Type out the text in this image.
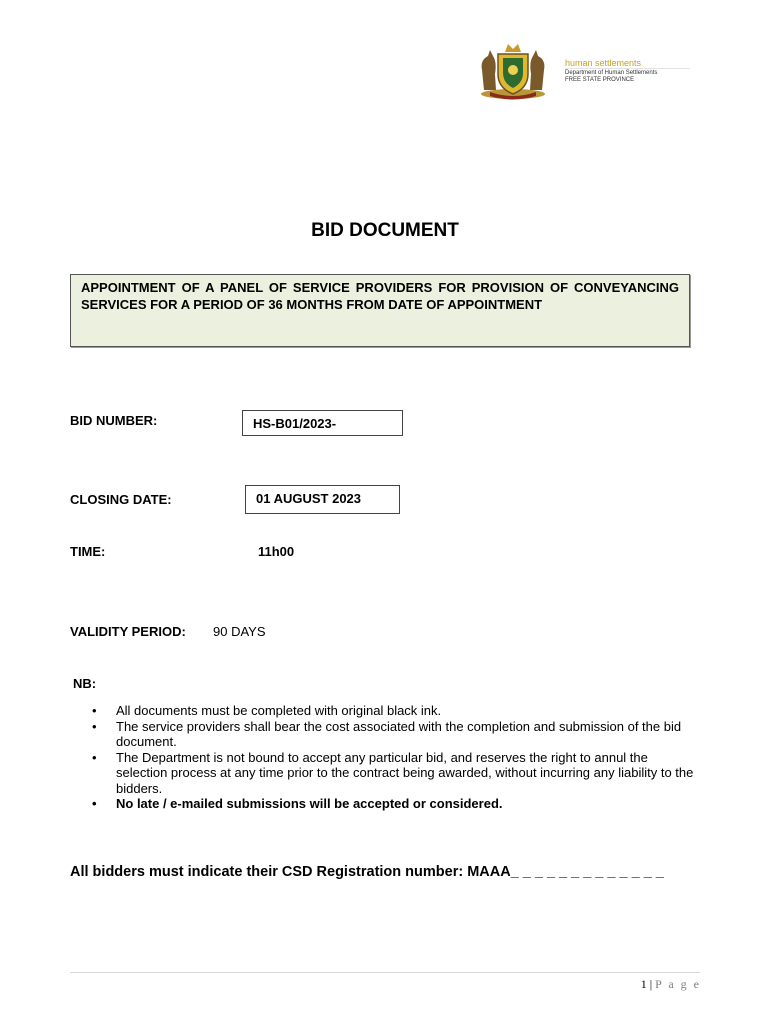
human settlements
Department of Human Settlements
FREE STATE PROVINCE
BID DOCUMENT
APPOINTMENT OF A PANEL OF SERVICE PROVIDERS FOR PROVISION OF CONVEYANCING SERVICES FOR A PERIOD OF 36 MONTHS FROM DATE OF APPOINTMENT
BID NUMBER:	HS-B01/2023-
CLOSING DATE:	01 AUGUST 2023
TIME:	11h00
VALIDITY PERIOD: 90 DAYS
NB:
• All documents must be completed with original black ink.
• The service providers shall bear the cost associated with the completion and submission of the bid document.
• The Department is not bound to accept any particular bid, and reserves the right to annul the selection process at any time prior to the contract being awarded, without incurring any liability to the bidders.
• No late / e-mailed submissions will be accepted or considered.
All bidders must indicate their CSD Registration number: MAAA_ _ _ _ _ _ _ _ _ _ _ _ _
1 | P a g e
